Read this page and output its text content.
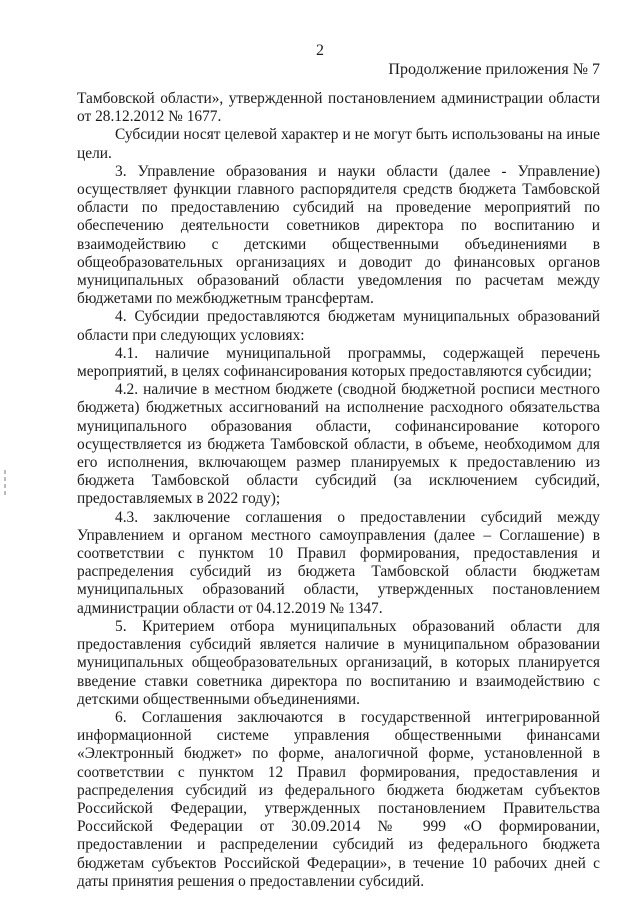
2
Продолжение приложения № 7

Тамбовской области», утвержденной постановлением администрации области от 28.12.2012 № 1677.

Субсидии носят целевой характер и не могут быть использованы на иные цели.

3. Управление образования и науки области (далее - Управление) осуществляет функции главного распорядителя средств бюджета Тамбовской области по предоставлению субсидий на проведение мероприятий по обеспечению деятельности советников директора по воспитанию и взаимодействию с детскими общественными объединениями в общеобразовательных организациях и доводит до финансовых органов муниципальных образований области уведомления по расчетам между бюджетами по межбюджетным трансфертам.

4. Субсидии предоставляются бюджетам муниципальных образований области при следующих условиях:

4.1. наличие муниципальной программы, содержащей перечень мероприятий, в целях софинансирования которых предоставляются субсидии;

4.2. наличие в местном бюджете (сводной бюджетной росписи местного бюджета) бюджетных ассигнований на исполнение расходного обязательства муниципального образования области, софинансирование которого осуществляется из бюджета Тамбовской области, в объеме, необходимом для его исполнения, включающем размер планируемых к предоставлению из бюджета Тамбовской области субсидий (за исключением субсидий, предоставляемых в 2022 году);

4.3. заключение соглашения о предоставлении субсидий между Управлением и органом местного самоуправления (далее – Соглашение) в соответствии с пунктом 10 Правил формирования, предоставления и распределения субсидий из бюджета Тамбовской области бюджетам муниципальных образований области, утвержденных постановлением администрации области от 04.12.2019 № 1347.

5. Критерием отбора муниципальных образований области для предоставления субсидий является наличие в муниципальном образовании муниципальных общеобразовательных организаций, в которых планируется введение ставки советника директора по воспитанию и взаимодействию с детскими общественными объединениями.

6. Соглашения заключаются в государственной интегрированной информационной системе управления общественными финансами «Электронный бюджет» по форме, аналогичной форме, установленной в соответствии с пунктом 12 Правил формирования, предоставления и распределения субсидий из федерального бюджета бюджетам субъектов Российской Федерации, утвержденных постановлением Правительства Российской Федерации от 30.09.2014 № 999 «О формировании, предоставлении и распределении субсидий из федерального бюджета бюджетам субъектов Российской Федерации», в течение 10 рабочих дней с даты принятия решения о предоставлении субсидий.
